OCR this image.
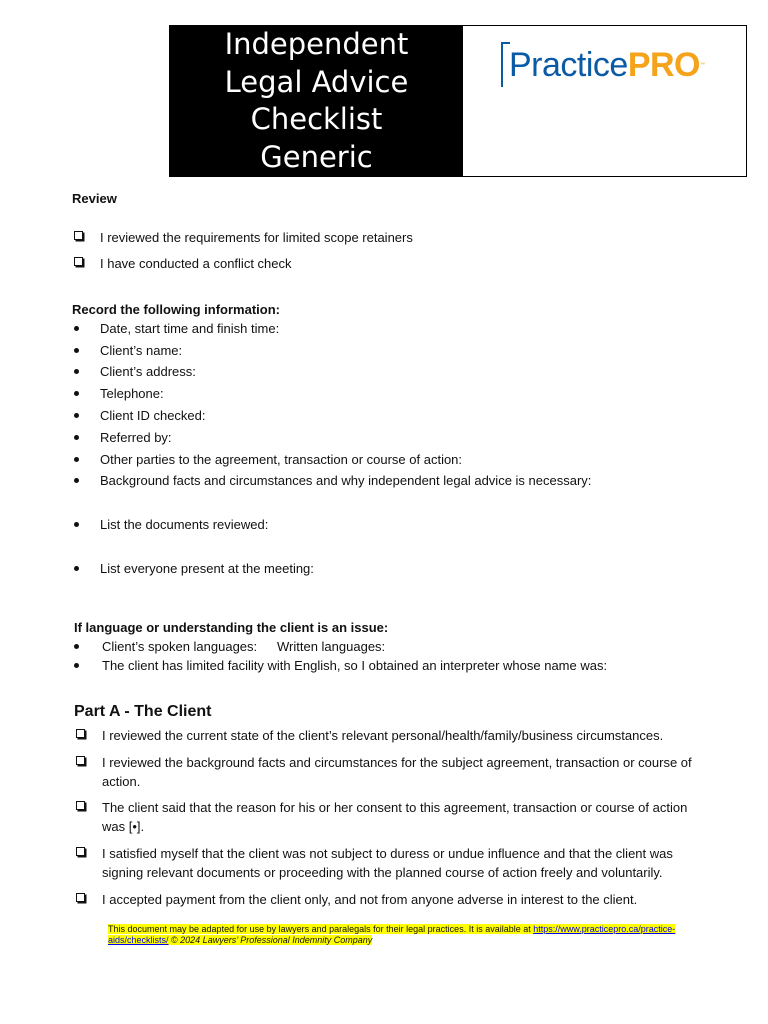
Independent
Legal Advice
Checklist
Generic
PracticePRO™
Review
I reviewed the requirements for limited scope retainers
I have conducted a conflict check
Record the following information:
Date, start time and finish time:
Client’s name:
Client’s address:
Telephone:
Client ID checked:
Referred by:
Other parties to the agreement, transaction or course of action:
Background facts and circumstances and why independent legal advice is necessary:
List the documents reviewed:
List everyone present at the meeting:
If language or understanding the client is an issue:
Client’s spoken languages: Written languages:
The client has limited facility with English, so I obtained an interpreter whose name was:
Part A - The Client
I reviewed the current state of the client’s relevant personal/health/family/business circumstances.
I reviewed the background facts and circumstances for the subject agreement, transaction or course of
action.
The client said that the reason for his or her consent to this agreement, transaction or course of action
was [•].
I satisfied myself that the client was not subject to duress or undue influence and that the client was
signing relevant documents or proceeding with the planned course of action freely and voluntarily.
I accepted payment from the client only, and not from anyone adverse in interest to the client.
This document may be adapted for use by lawyers and paralegals for their legal practices. It is available at https://www.practicepro.ca/practice-
aids/checklists/ © 2024 Lawyers’ Professional Indemnity Company
